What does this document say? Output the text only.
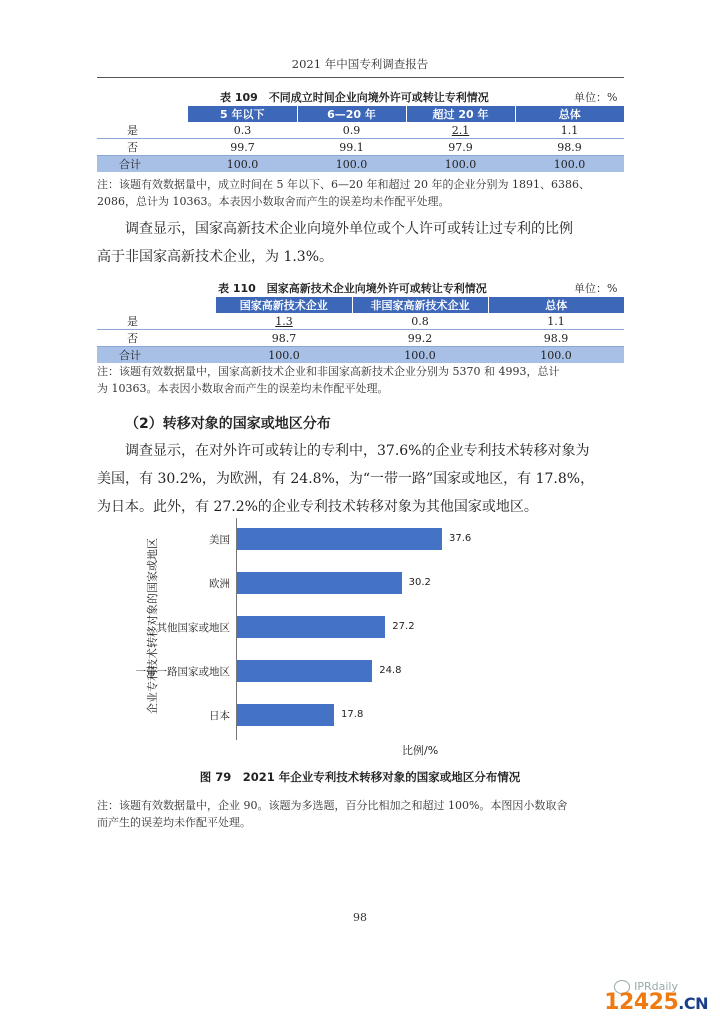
2021 年中国专利调查报告
表 109　不同成立时间企业向境外许可或转让专利情况	单位：%
	5 年以下	6—20 年	超过 20 年	总体
是	0.3	0.9	2.1	1.1
否	99.7	99.1	97.9	98.9
合计	100.0	100.0	100.0	100.0
注：该题有效数据量中，成立时间在 5 年以下、6—20 年和超过 20 年的企业分别为 1891、6386、
2086，总计为 10363。本表因小数取舍而产生的误差均未作配平处理。
调查显示，国家高新技术企业向境外单位或个人许可或转让过专利的比例
高于非国家高新技术企业，为 1.3%。
表 110　国家高新技术企业向境外许可或转让专利情况	单位：%
	国家高新技术企业	非国家高新技术企业	总体
是	1.3	0.8	1.1
否	98.7	99.2	98.9
合计	100.0	100.0	100.0
注：该题有效数据量中，国家高新技术企业和非国家高新技术企业分别为 5370 和 4993，总计
为 10363。本表因小数取舍而产生的误差均未作配平处理。
（2）转移对象的国家或地区分布
调查显示，在对外许可或转让的专利中，37.6%的企业专利技术转移对象为
美国，有 30.2%，为欧洲，有 24.8%，为“一带一路”国家或地区，有 17.8%，
为日本。此外，有 27.2%的企业专利技术转移对象为其他国家或地区。
企业专利技术转移对象的国家或地区	美国	37.6
欧洲	30.2
其他国家或地区	27.2
一带一路国家或地区	24.8
日本	17.8
比例/%
图 79　2021 年企业专利技术转移对象的国家或地区分布情况
注：该题有效数据量中，企业 90。该题为多选题，百分比相加之和超过 100%。本图因小数取舍
而产生的误差均未作配平处理。
98
IPRdaily
12425.CN
